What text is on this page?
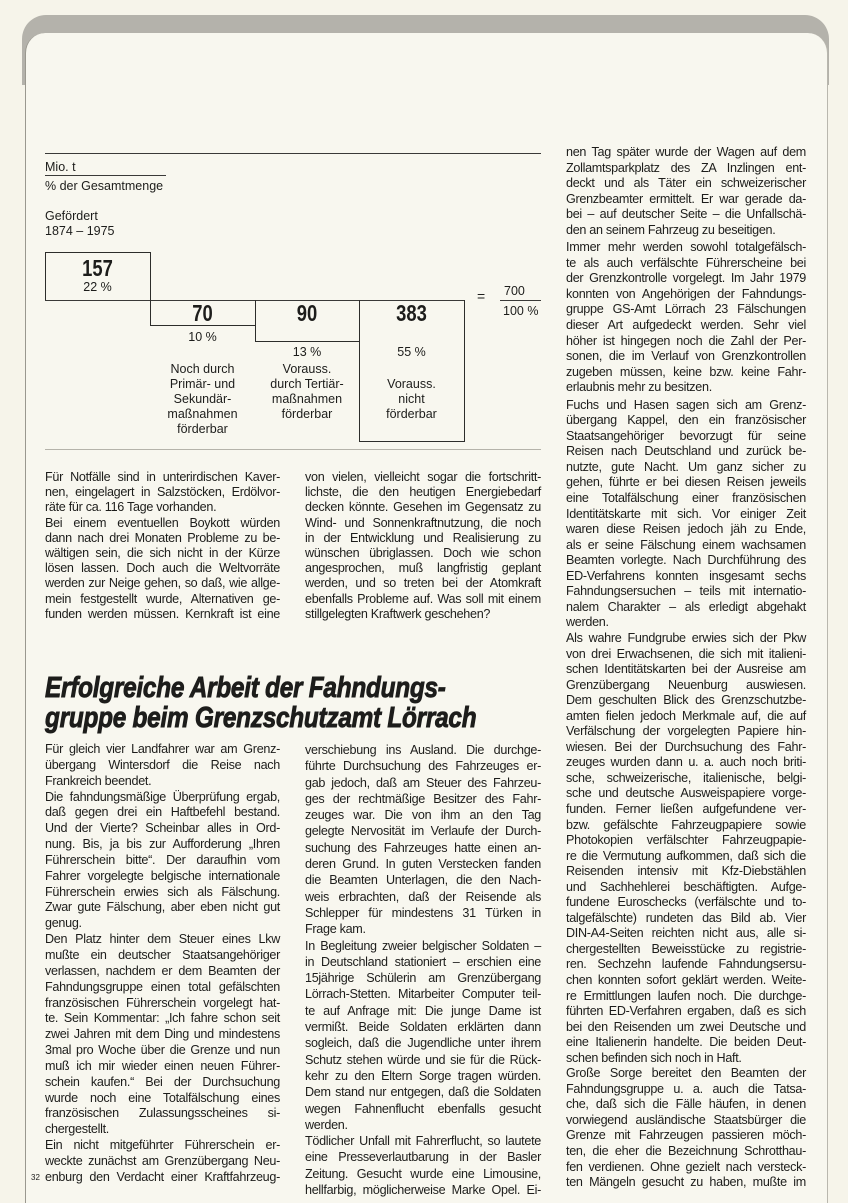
Mio. t
% der Gesamtmenge
Gefördert
1874 – 1975
157
22 %
70
10 %
Noch durch
Primär- und
Sekundär-
maßnahmen
förderbar
90
13 %
Vorauss.
durch Tertiär-
maßnahmen
förderbar
383
55 %
Vorauss.
nicht
förderbar
= 700
100 %
Für Notfälle sind in unterirdischen Kaver-
nen, eingelagert in Salzstöcken, Erdölvor-
räte für ca. 116 Tage vorhanden.
Bei einem eventuellen Boykott würden
dann nach drei Monaten Probleme zu be-
wältigen sein, die sich nicht in der Kürze
lösen lassen. Doch auch die Weltvorräte
werden zur Neige gehen, so daß, wie allge-
mein festgestellt wurde, Alternativen ge-
funden werden müssen. Kernkraft ist eine
von vielen, vielleicht sogar die fortschritt-
lichste, die den heutigen Energiebedarf
decken könnte. Gesehen im Gegensatz zu
Wind- und Sonnenkraftnutzung, die noch
in der Entwicklung und Realisierung zu
wünschen übriglassen. Doch wie schon
angesprochen, muß langfristig geplant
werden, und so treten bei der Atomkraft
ebenfalls Probleme auf. Was soll mit einem
stillgelegten Kraftwerk geschehen?
Erfolgreiche Arbeit der Fahndungs-
gruppe beim Grenzschutzamt Lörrach
Für gleich vier Landfahrer war am Grenz-
übergang Wintersdorf die Reise nach
Frankreich beendet.
Die fahndungsmäßige Überprüfung ergab,
daß gegen drei ein Haftbefehl bestand.
Und der Vierte? Scheinbar alles in Ord-
nung. Bis, ja bis zur Aufforderung „Ihren
Führerschein bitte“. Der daraufhin vom
Fahrer vorgelegte belgische internationale
Führerschein erwies sich als Fälschung.
Zwar gute Fälschung, aber eben nicht gut
genug.
Den Platz hinter dem Steuer eines Lkw
mußte ein deutscher Staatsangehöriger
verlassen, nachdem er dem Beamten der
Fahndungsgruppe einen total gefälschten
französischen Führerschein vorgelegt hat-
te. Sein Kommentar: „Ich fahre schon seit
zwei Jahren mit dem Ding und mindestens
3mal pro Woche über die Grenze und nun
muß ich mir wieder einen neuen Führer-
schein kaufen.“ Bei der Durchsuchung
wurde noch eine Totalfälschung eines
französischen Zulassungsscheines si-
chergestellt.
Ein nicht mitgeführter Führerschein er-
weckte zunächst am Grenzübergang Neu-
enburg den Verdacht einer Kraftfahrzeug-
verschiebung ins Ausland. Die durchge-
führte Durchsuchung des Fahrzeuges er-
gab jedoch, daß am Steuer des Fahrzeu-
ges der rechtmäßige Besitzer des Fahr-
zeuges war. Die von ihm an den Tag
gelegte Nervosität im Verlaufe der Durch-
suchung des Fahrzeuges hatte einen an-
deren Grund. In guten Verstecken fanden
die Beamten Unterlagen, die den Nach-
weis erbrachten, daß der Reisende als
Schlepper für mindestens 31 Türken in
Frage kam.
In Begleitung zweier belgischer Soldaten –
in Deutschland stationiert – erschien eine
15jährige Schülerin am Grenzübergang
Lörrach-Stetten. Mitarbeiter Computer teil-
te auf Anfrage mit: Die junge Dame ist
vermißt. Beide Soldaten erklärten dann
sogleich, daß die Jugendliche unter ihrem
Schutz stehen würde und sie für die Rück-
kehr zu den Eltern Sorge tragen würden.
Dem stand nur entgegen, daß die Soldaten
wegen Fahnenflucht ebenfalls gesucht
werden.
Tödlicher Unfall mit Fahrerflucht, so lautete
eine Presseverlautbarung in der Basler
Zeitung. Gesucht wurde eine Limousine,
hellfarbig, möglicherweise Marke Opel. Ei-
nen Tag später wurde der Wagen auf dem
Zollamtsparkplatz des ZA Inzlingen ent-
deckt und als Täter ein schweizerischer
Grenzbeamter ermittelt. Er war gerade da-
bei – auf deutscher Seite – die Unfallschä-
den an seinem Fahrzeug zu beseitigen.
Immer mehr werden sowohl totalgefälsch-
te als auch verfälschte Führerscheine bei
der Grenzkontrolle vorgelegt. Im Jahr 1979
konnten von Angehörigen der Fahndungs-
gruppe GS-Amt Lörrach 23 Fälschungen
dieser Art aufgedeckt werden. Sehr viel
höher ist hingegen noch die Zahl der Per-
sonen, die im Verlauf von Grenzkontrollen
zugeben müssen, keine bzw. keine Fahr-
erlaubnis mehr zu besitzen.
Fuchs und Hasen sagen sich am Grenz-
übergang Kappel, den ein französischer
Staatsangehöriger bevorzugt für seine
Reisen nach Deutschland und zurück be-
nutzte, gute Nacht. Um ganz sicher zu
gehen, führte er bei diesen Reisen jeweils
eine Totalfälschung einer französischen
Identitätskarte mit sich. Vor einiger Zeit
waren diese Reisen jedoch jäh zu Ende,
als er seine Fälschung einem wachsamen
Beamten vorlegte. Nach Durchführung des
ED-Verfahrens konnten insgesamt sechs
Fahndungsersuchen – teils mit internatio-
nalem Charakter – als erledigt abgehakt
werden.
Als wahre Fundgrube erwies sich der Pkw
von drei Erwachsenen, die sich mit italieni-
schen Identitätskarten bei der Ausreise am
Grenzübergang Neuenburg auswiesen.
Dem geschulten Blick des Grenzschutzbe-
amten fielen jedoch Merkmale auf, die auf
Verfälschung der vorgelegten Papiere hin-
wiesen. Bei der Durchsuchung des Fahr-
zeuges wurden dann u. a. auch noch briti-
sche, schweizerische, italienische, belgi-
sche und deutsche Ausweispapiere vorge-
funden. Ferner ließen aufgefundene ver-
bzw. gefälschte Fahrzeugpapiere sowie
Photokopien verfälschter Fahrzeugpapie-
re die Vermutung aufkommen, daß sich die
Reisenden intensiv mit Kfz-Diebstählen
und Sachhehlerei beschäftigten. Aufge-
fundene Euroschecks (verfälschte und to-
talgefälschte) rundeten das Bild ab. Vier
DIN-A4-Seiten reichten nicht aus, alle si-
chergestellten Beweisstücke zu registrie-
ren. Sechzehn laufende Fahndungsersu-
chen konnten sofort geklärt werden. Weite-
re Ermittlungen laufen noch. Die durchge-
führten ED-Verfahren ergaben, daß es sich
bei den Reisenden um zwei Deutsche und
eine Italienerin handelte. Die beiden Deut-
schen befinden sich noch in Haft.
Große Sorge bereitet den Beamten der
Fahndungsgruppe u. a. auch die Tatsa-
che, daß sich die Fälle häufen, in denen
vorwiegend ausländische Staatsbürger die
Grenze mit Fahrzeugen passieren möch-
ten, die eher die Bezeichnung Schrotthau-
fen verdienen. Ohne gezielt nach versteck-
ten Mängeln gesucht zu haben, mußte im
32
